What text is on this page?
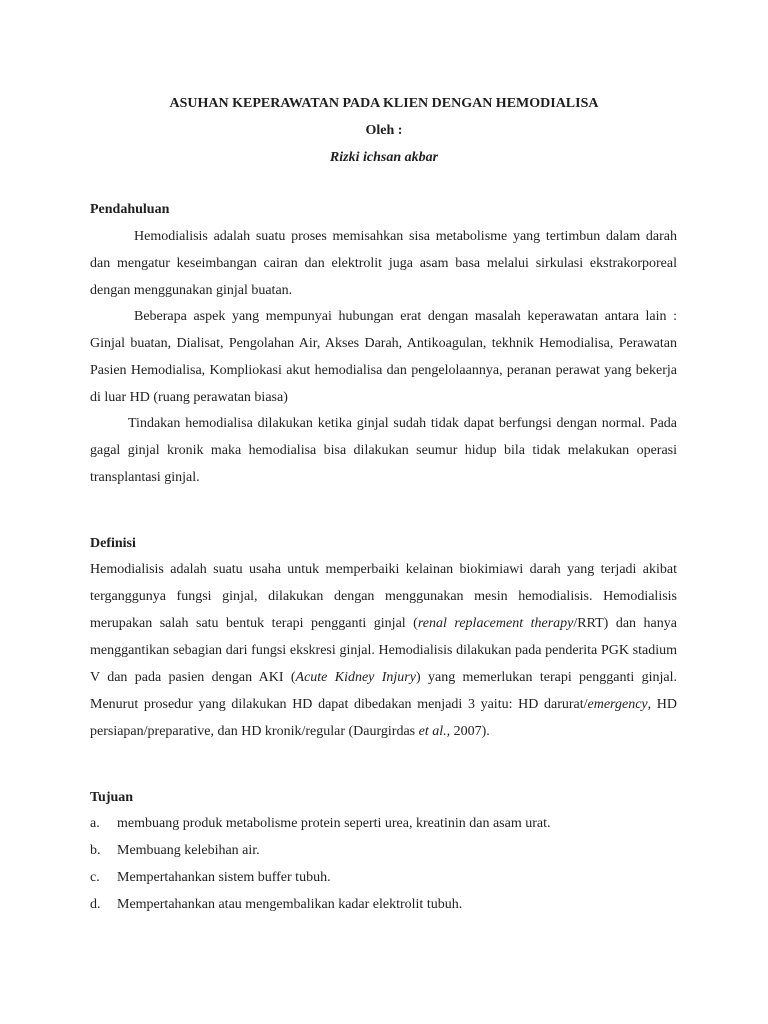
ASUHAN KEPERAWATAN PADA KLIEN DENGAN HEMODIALISA
Oleh :
Rizki ichsan akbar
Pendahuluan

Hemodialisis adalah suatu proses memisahkan sisa metabolisme yang tertimbun dalam darah dan mengatur keseimbangan cairan dan elektrolit juga asam basa melalui sirkulasi ekstrakorporeal dengan menggunakan ginjal buatan.

Beberapa aspek yang mempunyai hubungan erat dengan masalah keperawatan antara lain : Ginjal buatan, Dialisat, Pengolahan Air, Akses Darah, Antikoagulan, tekhnik Hemodialisa, Perawatan Pasien Hemodialisa, Kompliokasi akut hemodialisa dan pengelolaannya, peranan perawat yang bekerja di luar HD (ruang perawatan biasa)

Tindakan hemodialisa dilakukan ketika ginjal sudah tidak dapat berfungsi dengan normal. Pada gagal ginjal kronik maka hemodialisa bisa dilakukan seumur hidup bila tidak melakukan operasi transplantasi ginjal.

Definisi

Hemodialisis adalah suatu usaha untuk memperbaiki kelainan biokimiawi darah yang terjadi akibat terganggunya fungsi ginjal, dilakukan dengan menggunakan mesin hemodialisis. Hemodialisis merupakan salah satu bentuk terapi pengganti ginjal (renal replacement therapy/RRT) dan hanya menggantikan sebagian dari fungsi ekskresi ginjal. Hemodialisis dilakukan pada penderita PGK stadium V dan pada pasien dengan AKI (Acute Kidney Injury) yang memerlukan terapi pengganti ginjal. Menurut prosedur yang dilakukan HD dapat dibedakan menjadi 3 yaitu: HD darurat/emergency, HD persiapan/preparative, dan HD kronik/regular (Daurgirdas et al., 2007).

Tujuan
a. membuang produk metabolisme protein seperti urea, kreatinin dan asam urat.
b. Membuang kelebihan air.
c. Mempertahankan sistem buffer tubuh.
d. Mempertahankan atau mengembalikan kadar elektrolit tubuh.
